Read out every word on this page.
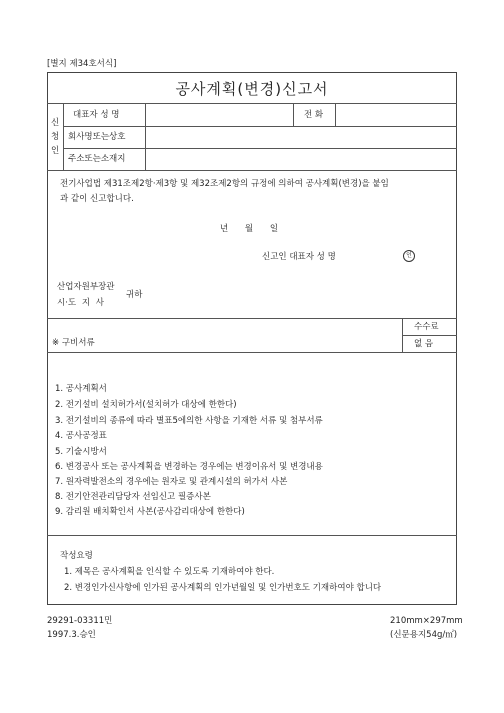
[별지 제34호서식]
공사계획(변경)신고서
신
청
인
대표자 성 명	전 화
회사명또는상호
주소또는소재지
전기사업법 제31조제2항·제3항 및 제32조제2항의 규정에 의하여 공사계획(변경)을 붙임
과 같이 신고합니다.
년 월 일
신고인 대표자 성 명	인
산업자원부장관
시·도 지 사
귀하
수수료
없 음
※ 구비서류
1. 공사계획서
2. 전기설비 설치허가서(설치허가 대상에 한한다)
3. 전기설비의 종류에 따라 별표5에의한 사항을 기재한 서류 및 첨부서류
4. 공사공정표
5. 기술시방서
6. 변경공사 또는 공사계획을 변경하는 경우에는 변경이유서 및 변경내용
7. 원자력발전소의 경우에는 원자로 및 관계시설의 허가서 사본
8. 전기안전관리담당자 선임신고 필증사본
9. 감리원 배치확인서 사본(공사감리대상에 한한다)
작성요령
1. 제목은 공사계획을 인식할 수 있도록 기재하여야 한다.
2. 변경인가신사항에 인가된 공사계획의 인가년월일 및 인가번호도 기재하여야 합니다
29291-03311민
1997.3.승인
210mm×297mm
(신문용지54g/㎡)
